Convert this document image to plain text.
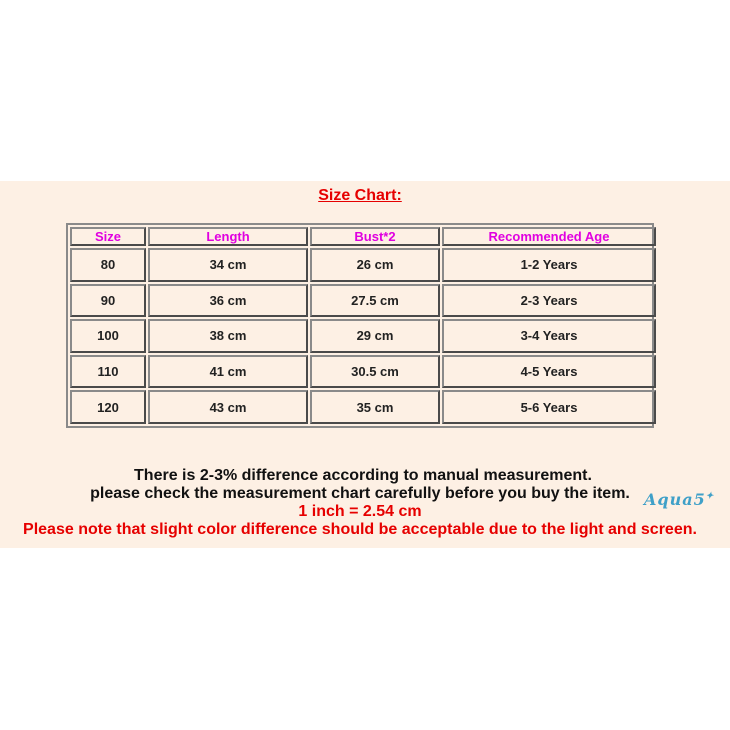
Size Chart:
Size	Length	Bust*2	Recommended Age
80	34 cm	26 cm	1-2 Years
90	36 cm	27.5 cm	2-3 Years
100	38 cm	29 cm	3-4 Years
110	41 cm	30.5 cm	4-5 Years
120	43 cm	35 cm	5-6 Years
There is 2-3% difference according to manual measurement.
please check the measurement chart carefully before you buy the item.
1 inch = 2.54 cm
Please note that slight color difference should be acceptable due to the light and screen.
Aqua5✦
